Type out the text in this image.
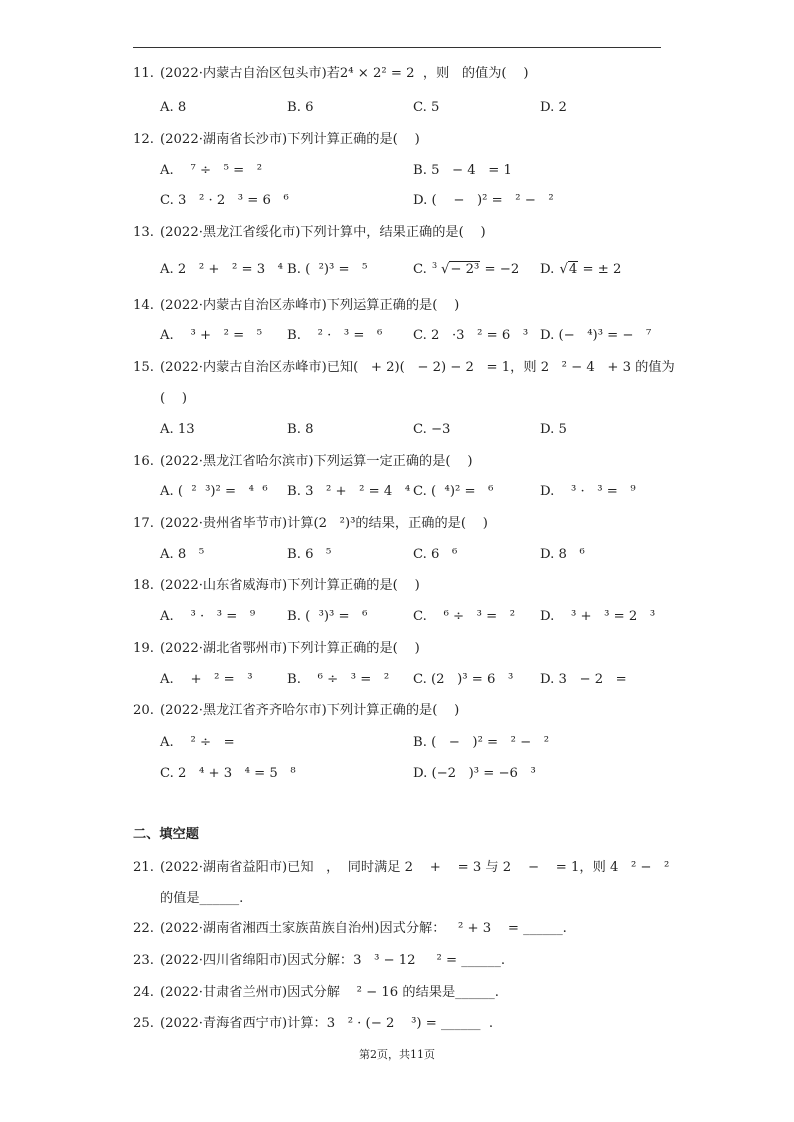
11. (2022·内蒙古自治区包头市)若2⁴ × 2² = 2  ，则   的值为(    )
A. 8	B. 6	C. 5	D. 2
12. (2022·湖南省长沙市)下列计算正确的是(    )
A.    ⁷ ÷   ⁵ =   ²	B. 5   − 4   = 1
C. 3   ² · 2   ³ = 6   ⁶	D. (    −   )² =   ² −   ²
13. (2022·黑龙江省绥化市)下列计算中，结果正确的是(    )
A. 2   ² +   ² = 3   ⁴ B. (  ²)³ =   ⁵	C. 3 √− 2³ = −2 D. √4 = ± 2
14. (2022·内蒙古自治区赤峰市)下列运算正确的是(    )
A.    ³ +   ² =   ⁵ B.    ² ·   ³ =   ⁶ C. 2   ·3   ² = 6   ³ D. (−   ⁴)³ = −   ⁷
15. (2022·内蒙古自治区赤峰市)已知(   + 2)(   − 2) − 2   = 1，则 2   ² − 4   + 3 的值为
(    )
A. 13	B. 8	C. −3	D. 5
16. (2022·黑龙江省哈尔滨市)下列运算一定正确的是(    )
A. (  ²  ³)² =   ⁴  ⁶ B. 3   ² +   ² = 4   ⁴ C. (  ⁴)² =   ⁶	D.    ³ ·   ³ =   ⁹
17. (2022·贵州省毕节市)计算(2   ²)³的结果，正确的是(    )
A. 8   ⁵	B. 6   ⁵	C. 6   ⁶	D. 8   ⁶
18. (2022·山东省威海市)下列计算正确的是(    )
A.    ³ ·   ³ =   ⁹ B. (  ³)³ =   ⁶	C.    ⁶ ÷   ³ =   ² D.    ³ +   ³ = 2   ³
19. (2022·湖北省鄂州市)下列计算正确的是(    )
A.    +   ² =   ³	B.    ⁶ ÷   ³ =   ² C. (2   )³ = 6   ³ D. 3   − 2   =
20. (2022·黑龙江省齐齐哈尔市)下列计算正确的是(    )
A.    ² ÷   =	B. (   −   )² =   ² −   ²
C. 2   ⁴ + 3   ⁴ = 5   ⁸	D. (−2   )³ = −6   ³
二、填空题
21. (2022·湖南省益阳市)已知   ，  同时满足 2    +    = 3 与 2    −    = 1，则 4   ² −   ²
的值是______.
22. (2022·湖南省湘西土家族苗族自治州)因式分解：   ² + 3    = ______.
23. (2022·四川省绵阳市)因式分解：3   ³ − 12     ² = ______.
24. (2022·甘肃省兰州市)因式分解    ² − 16 的结果是______.
25. (2022·青海省西宁市)计算：3   ² · (− 2    ³) = ______  .
第2页，共11页
